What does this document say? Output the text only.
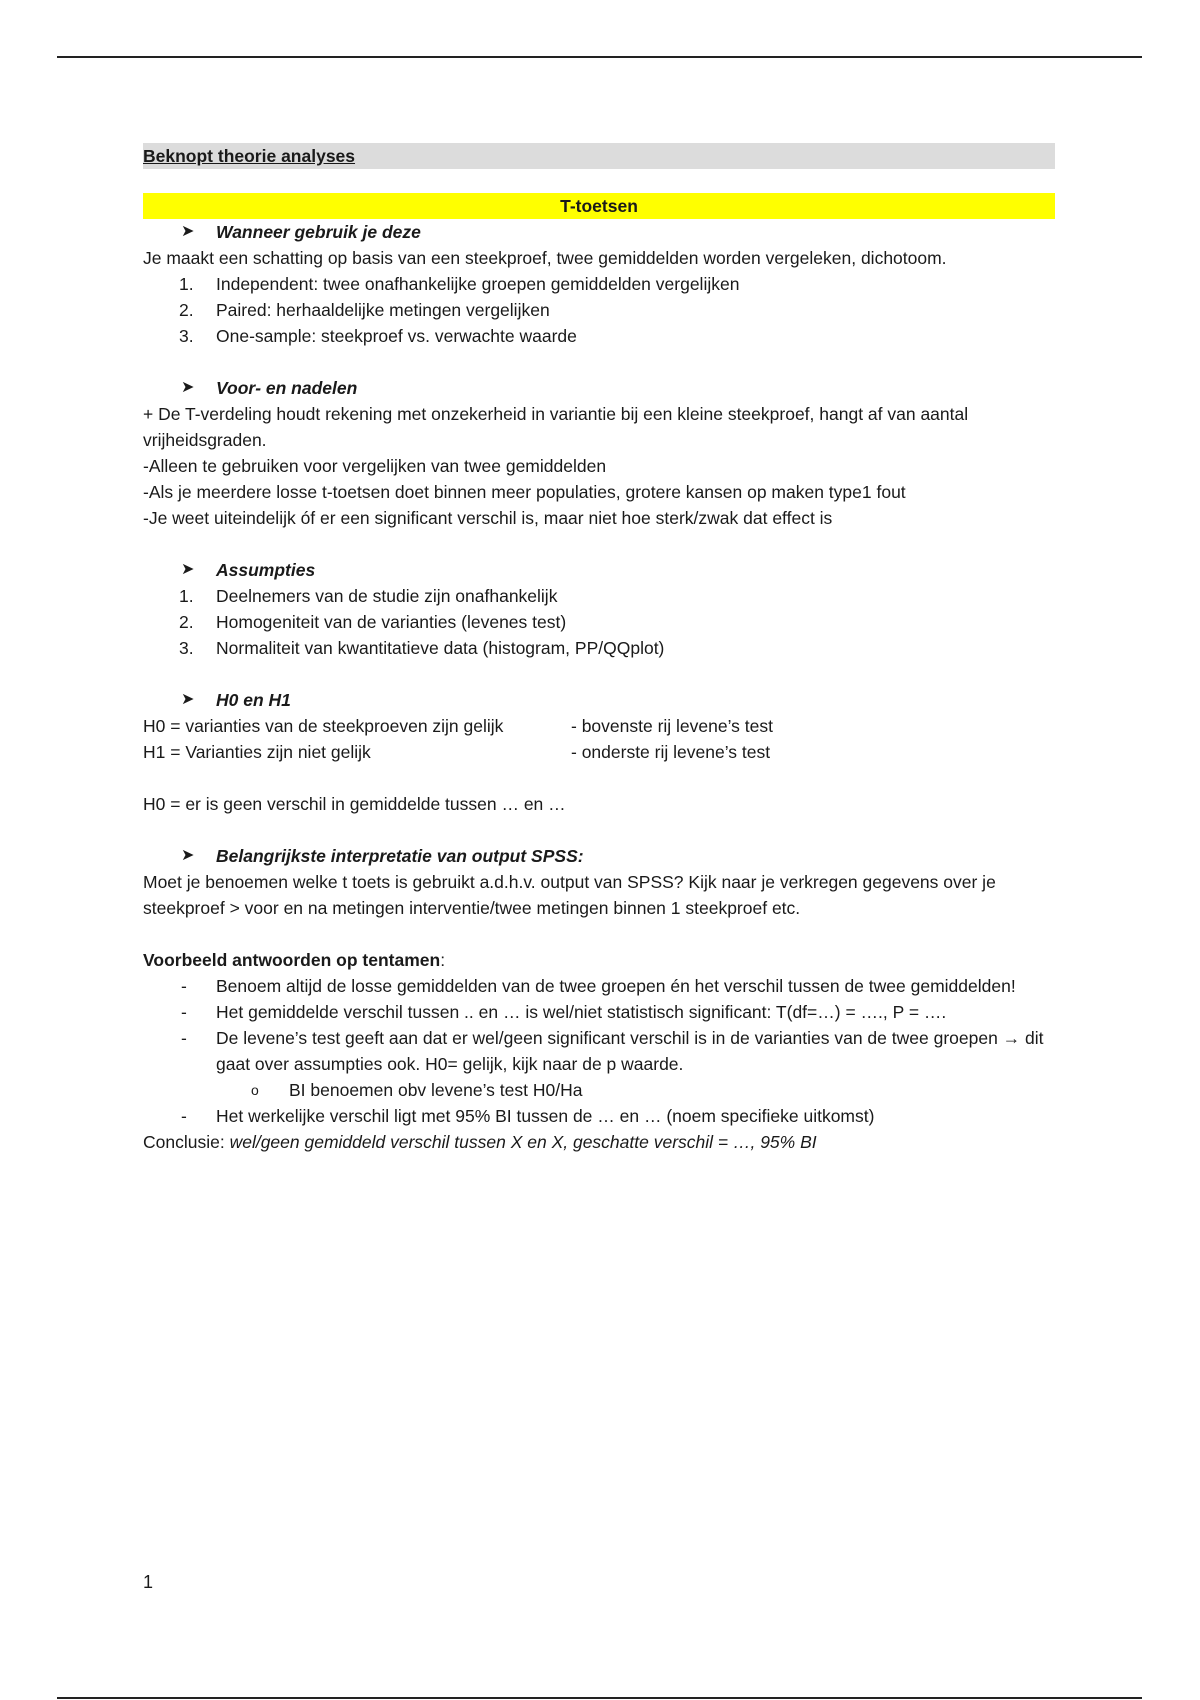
Beknopt theorie analyses
T-toetsen
➤ Wanneer gebruik je deze
Je maakt een schatting op basis van een steekproef, twee gemiddelden worden vergeleken, dichotoom.
1. Independent: twee onafhankelijke groepen gemiddelden vergelijken
2. Paired: herhaaldelijke metingen vergelijken
3. One-sample: steekproef vs. verwachte waarde
➤ Voor- en nadelen
+ De T-verdeling houdt rekening met onzekerheid in variantie bij een kleine steekproef, hangt af van aantal vrijheidsgraden.
-Alleen te gebruiken voor vergelijken van twee gemiddelden
-Als je meerdere losse t-toetsen doet binnen meer populaties, grotere kansen op maken type1 fout
-Je weet uiteindelijk óf er een significant verschil is, maar niet hoe sterk/zwak dat effect is
➤ Assumpties
1. Deelnemers van de studie zijn onafhankelijk
2. Homogeniteit van de varianties (levenes test)
3. Normaliteit van kwantitatieve data (histogram, PP/QQplot)
➤ H0 en H1
H0 = varianties van de steekproeven zijn gelijk	- bovenste rij levene’s test
H1 = Varianties zijn niet gelijk	- onderste rij levene’s test
H0 = er is geen verschil in gemiddelde tussen … en …
➤ Belangrijkste interpretatie van output SPSS:
Moet je benoemen welke t toets is gebruikt a.d.h.v. output van SPSS? Kijk naar je verkregen gegevens over je steekproef > voor en na metingen interventie/twee metingen binnen 1 steekproef etc.
Voorbeeld antwoorden op tentamen:
- Benoem altijd de losse gemiddelden van de twee groepen én het verschil tussen de twee gemiddelden!
- Het gemiddelde verschil tussen .. en … is wel/niet statistisch significant: T(df=…) = …., P = ….
- De levene’s test geeft aan dat er wel/geen significant verschil is in de varianties van de twee groepen → dit gaat over assumpties ook. H0= gelijk, kijk naar de p waarde.
o BI benoemen obv levene’s test H0/Ha
- Het werkelijke verschil ligt met 95% BI tussen de … en … (noem specifieke uitkomst)
Conclusie: wel/geen gemiddeld verschil tussen X en X, geschatte verschil = …, 95% BI
1
